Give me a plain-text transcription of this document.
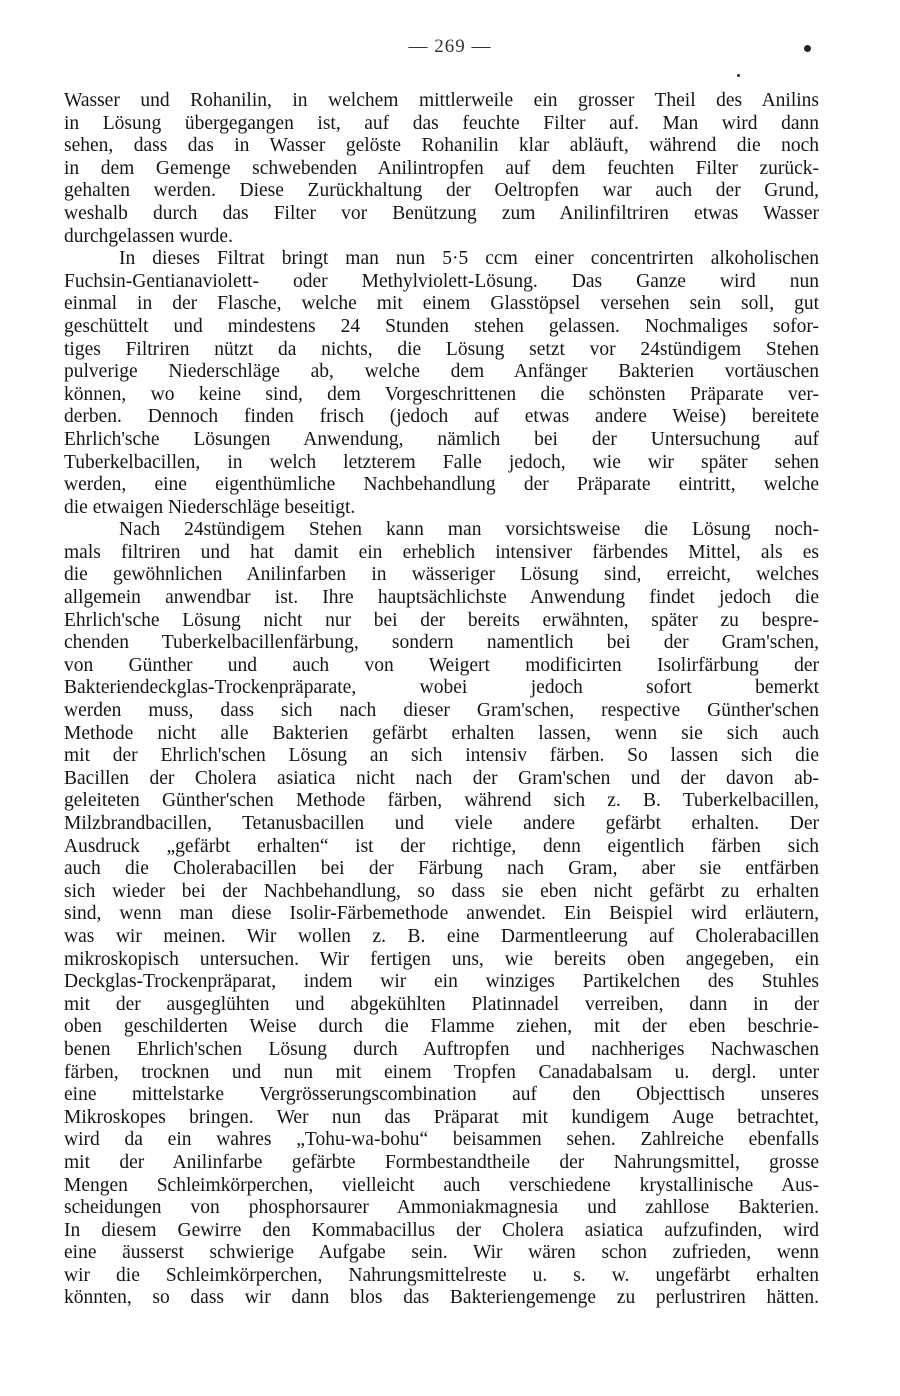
— 269 —
Wasser und Rohanilin, in welchem mittlerweile ein grosser Theil des Anilins
in Lösung übergegangen ist, auf das feuchte Filter auf. Man wird dann
sehen, dass das in Wasser gelöste Rohanilin klar abläuft, während die noch
in dem Gemenge schwebenden Anilintropfen auf dem feuchten Filter zurück-
gehalten werden. Diese Zurückhaltung der Oeltropfen war auch der Grund,
weshalb durch das Filter vor Benützung zum Anilinfiltriren etwas Wasser
durchgelassen wurde.
In dieses Filtrat bringt man nun 5·5 ccm einer concentrirten alkoholischen
Fuchsin-Gentianaviolett- oder Methylviolett-Lösung. Das Ganze wird nun
einmal in der Flasche, welche mit einem Glasstöpsel versehen sein soll, gut
geschüttelt und mindestens 24 Stunden stehen gelassen. Nochmaliges sofor-
tiges Filtriren nützt da nichts, die Lösung setzt vor 24stündigem Stehen
pulverige Niederschläge ab, welche dem Anfänger Bakterien vortäuschen
können, wo keine sind, dem Vorgeschrittenen die schönsten Präparate ver-
derben. Dennoch finden frisch (jedoch auf etwas andere Weise) bereitete
Ehrlich'sche Lösungen Anwendung, nämlich bei der Untersuchung auf
Tuberkelbacillen, in welch letzterem Falle jedoch, wie wir später sehen
werden, eine eigenthümliche Nachbehandlung der Präparate eintritt, welche
die etwaigen Niederschläge beseitigt.
Nach 24stündigem Stehen kann man vorsichtsweise die Lösung noch-
mals filtriren und hat damit ein erheblich intensiver färbendes Mittel, als es
die gewöhnlichen Anilinfarben in wässeriger Lösung sind, erreicht, welches
allgemein anwendbar ist. Ihre hauptsächlichste Anwendung findet jedoch die
Ehrlich'sche Lösung nicht nur bei der bereits erwähnten, später zu bespre-
chenden Tuberkelbacillenfärbung, sondern namentlich bei der Gram'schen,
von Günther und auch von Weigert modificirten Isolirfärbung der
Bakteriendeckglas-Trockenpräparate, wobei jedoch sofort bemerkt
werden muss, dass sich nach dieser Gram'schen, respective Günther'schen
Methode nicht alle Bakterien gefärbt erhalten lassen, wenn sie sich auch
mit der Ehrlich'schen Lösung an sich intensiv färben. So lassen sich die
Bacillen der Cholera asiatica nicht nach der Gram'schen und der davon ab-
geleiteten Günther'schen Methode färben, während sich z. B. Tuberkelbacillen,
Milzbrandbacillen, Tetanusbacillen und viele andere gefärbt erhalten. Der
Ausdruck „gefärbt erhalten“ ist der richtige, denn eigentlich färben sich
auch die Cholerabacillen bei der Färbung nach Gram, aber sie entfärben
sich wieder bei der Nachbehandlung, so dass sie eben nicht gefärbt zu erhalten
sind, wenn man diese Isolir-Färbemethode anwendet. Ein Beispiel wird erläutern,
was wir meinen. Wir wollen z. B. eine Darmentleerung auf Cholerabacillen
mikroskopisch untersuchen. Wir fertigen uns, wie bereits oben angegeben, ein
Deckglas-Trockenpräparat, indem wir ein winziges Partikelchen des Stuhles
mit der ausgeglühten und abgekühlten Platinnadel verreiben, dann in der
oben geschilderten Weise durch die Flamme ziehen, mit der eben beschrie-
benen Ehrlich'schen Lösung durch Auftropfen und nachheriges Nachwaschen
färben, trocknen und nun mit einem Tropfen Canadabalsam u. dergl. unter
eine mittelstarke Vergrösserungscombination auf den Objecttisch unseres
Mikroskopes bringen. Wer nun das Präparat mit kundigem Auge betrachtet,
wird da ein wahres „Tohu-wa-bohu“ beisammen sehen. Zahlreiche ebenfalls
mit der Anilinfarbe gefärbte Formbestandtheile der Nahrungsmittel, grosse
Mengen Schleimkörperchen, vielleicht auch verschiedene krystallinische Aus-
scheidungen von phosphorsaurer Ammoniakmagnesia und zahllose Bakterien.
In diesem Gewirre den Kommabacillus der Cholera asiatica aufzufinden, wird
eine äusserst schwierige Aufgabe sein. Wir wären schon zufrieden, wenn
wir die Schleimkörperchen, Nahrungsmittelreste u. s. w. ungefärbt erhalten
könnten, so dass wir dann blos das Bakteriengemenge zu perlustriren hätten.
